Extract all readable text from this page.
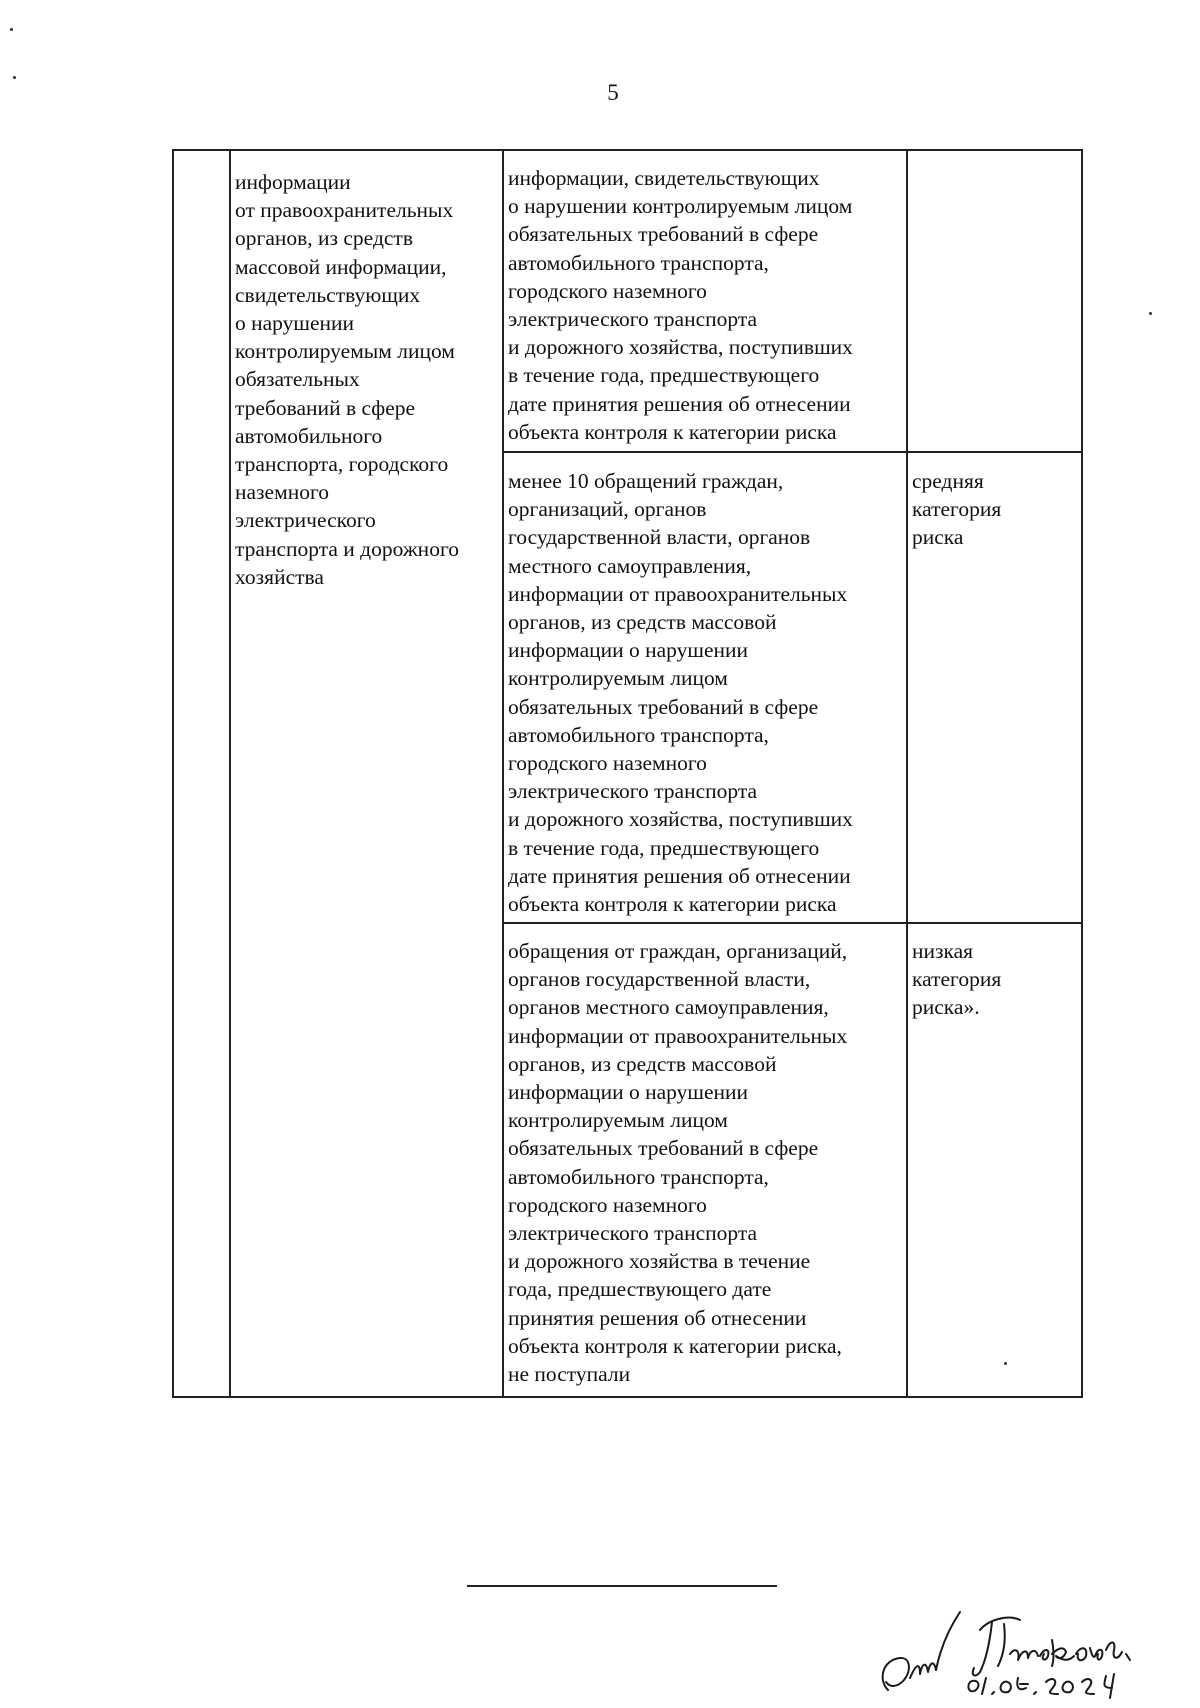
5
информации
от правоохранительных
органов, из средств
массовой информации,
свидетельствующих
о нарушении
контролируемым лицом
обязательных
требований в сфере
автомобильного
транспорта, городского
наземного
электрического
транспорта и дорожного
хозяйства
информации, свидетельствующих
о нарушении контролируемым лицом
обязательных требований в сфере
автомобильного транспорта,
городского наземного
электрического транспорта
и дорожного хозяйства, поступивших
в течение года, предшествующего
дате принятия решения об отнесении
объекта контроля к категории риска
менее 10 обращений граждан,
организаций, органов
государственной власти, органов
местного самоуправления,
информации от правоохранительных
органов, из средств массовой
информации о нарушении
контролируемым лицом
обязательных требований в сфере
автомобильного транспорта,
городского наземного
электрического транспорта
и дорожного хозяйства, поступивших
в течение года, предшествующего
дате принятия решения об отнесении
объекта контроля к категории риска
средняя
категория
риска
обращения от граждан, организаций,
органов государственной власти,
органов местного самоуправления,
информации от правоохранительных
органов, из средств массовой
информации о нарушении
контролируемым лицом
обязательных требований в сфере
автомобильного транспорта,
городского наземного
электрического транспорта
и дорожного хозяйства в течение
года, предшествующего дате
принятия решения об отнесении
объекта контроля к категории риска,
не поступали
низкая
категория
риска».
